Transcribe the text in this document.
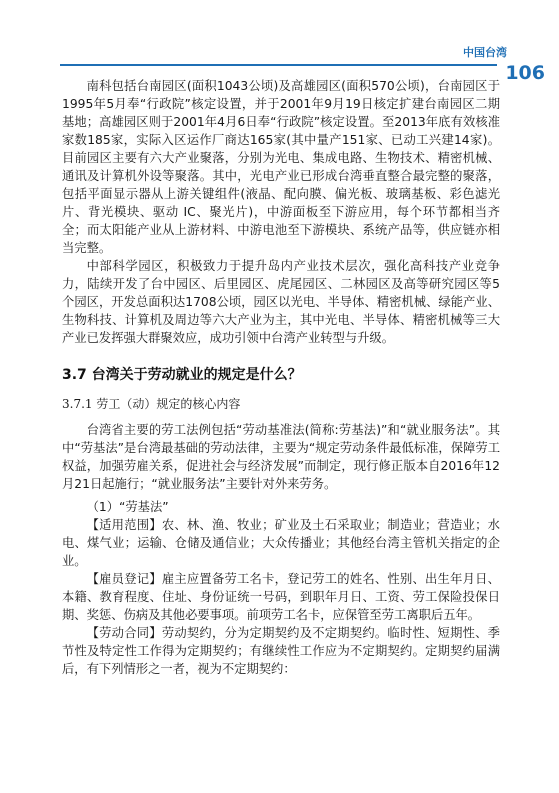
中国台湾
106

南科包括台南园区(面积1043公顷)及高雄园区(面积570公顷)，台南园区于1995年5月奉“行政院”核定设置，并于2001年9月19日核定扩建台南园区二期基地；高雄园区则于2001年4月6日奉“行政院”核定设置。至2013年底有效核准家数185家，实际入区运作厂商达165家(其中量产151家、已动工兴建14家)。目前园区主要有六大产业聚落，分别为光电、集成电路、生物技术、精密机械、通讯及计算机外设等聚落。其中，光电产业已形成台湾垂直整合最完整的聚落，包括平面显示器从上游关键组件(液晶、配向膜、偏光板、玻璃基板、彩色滤光片、背光模块、驱动 IC、聚光片)，中游面板至下游应用，每个环节都相当齐全；而太阳能产业从上游材料、中游电池至下游模块、系统产品等，供应链亦相当完整。

中部科学园区，积极致力于提升岛内产业技术层次，强化高科技产业竞争力，陆续开发了台中园区、后里园区、虎尾园区、二林园区及高等研究园区等5个园区，开发总面积达1708公顷，园区以光电、半导体、精密机械、绿能产业、生物科技、计算机及周边等六大产业为主，其中光电、半导体、精密机械等三大产业已发挥强大群聚效应，成功引领中台湾产业转型与升级。

3.7 台湾关于劳动就业的规定是什么？

3.7.1 劳工（动）规定的核心内容

台湾省主要的劳工法例包括“劳动基准法(简称:劳基法)”和“就业服务法”。其中“劳基法”是台湾最基础的劳动法律，主要为“规定劳动条件最低标准，保障劳工权益，加强劳雇关系，促进社会与经济发展”而制定，现行修正版本自2016年12月21日起施行；“就业服务法”主要针对外来劳务。

（1）“劳基法”

【适用范围】农、林、渔、牧业；矿业及土石采取业；制造业；营造业；水电、煤气业；运输、仓储及通信业；大众传播业；其他经台湾主管机关指定的企业。

【雇员登记】雇主应置备劳工名卡，登记劳工的姓名、性别、出生年月日、本籍、教育程度、住址、身份证统一号码，到职年月日、工资、劳工保险投保日期、奖惩、伤病及其他必要事项。前项劳工名卡，应保管至劳工离职后五年。

【劳动合同】劳动契约，分为定期契约及不定期契约。临时性、短期性、季节性及特定性工作得为定期契约；有继续性工作应为不定期契约。定期契约届满后，有下列情形之一者，视为不定期契约：
